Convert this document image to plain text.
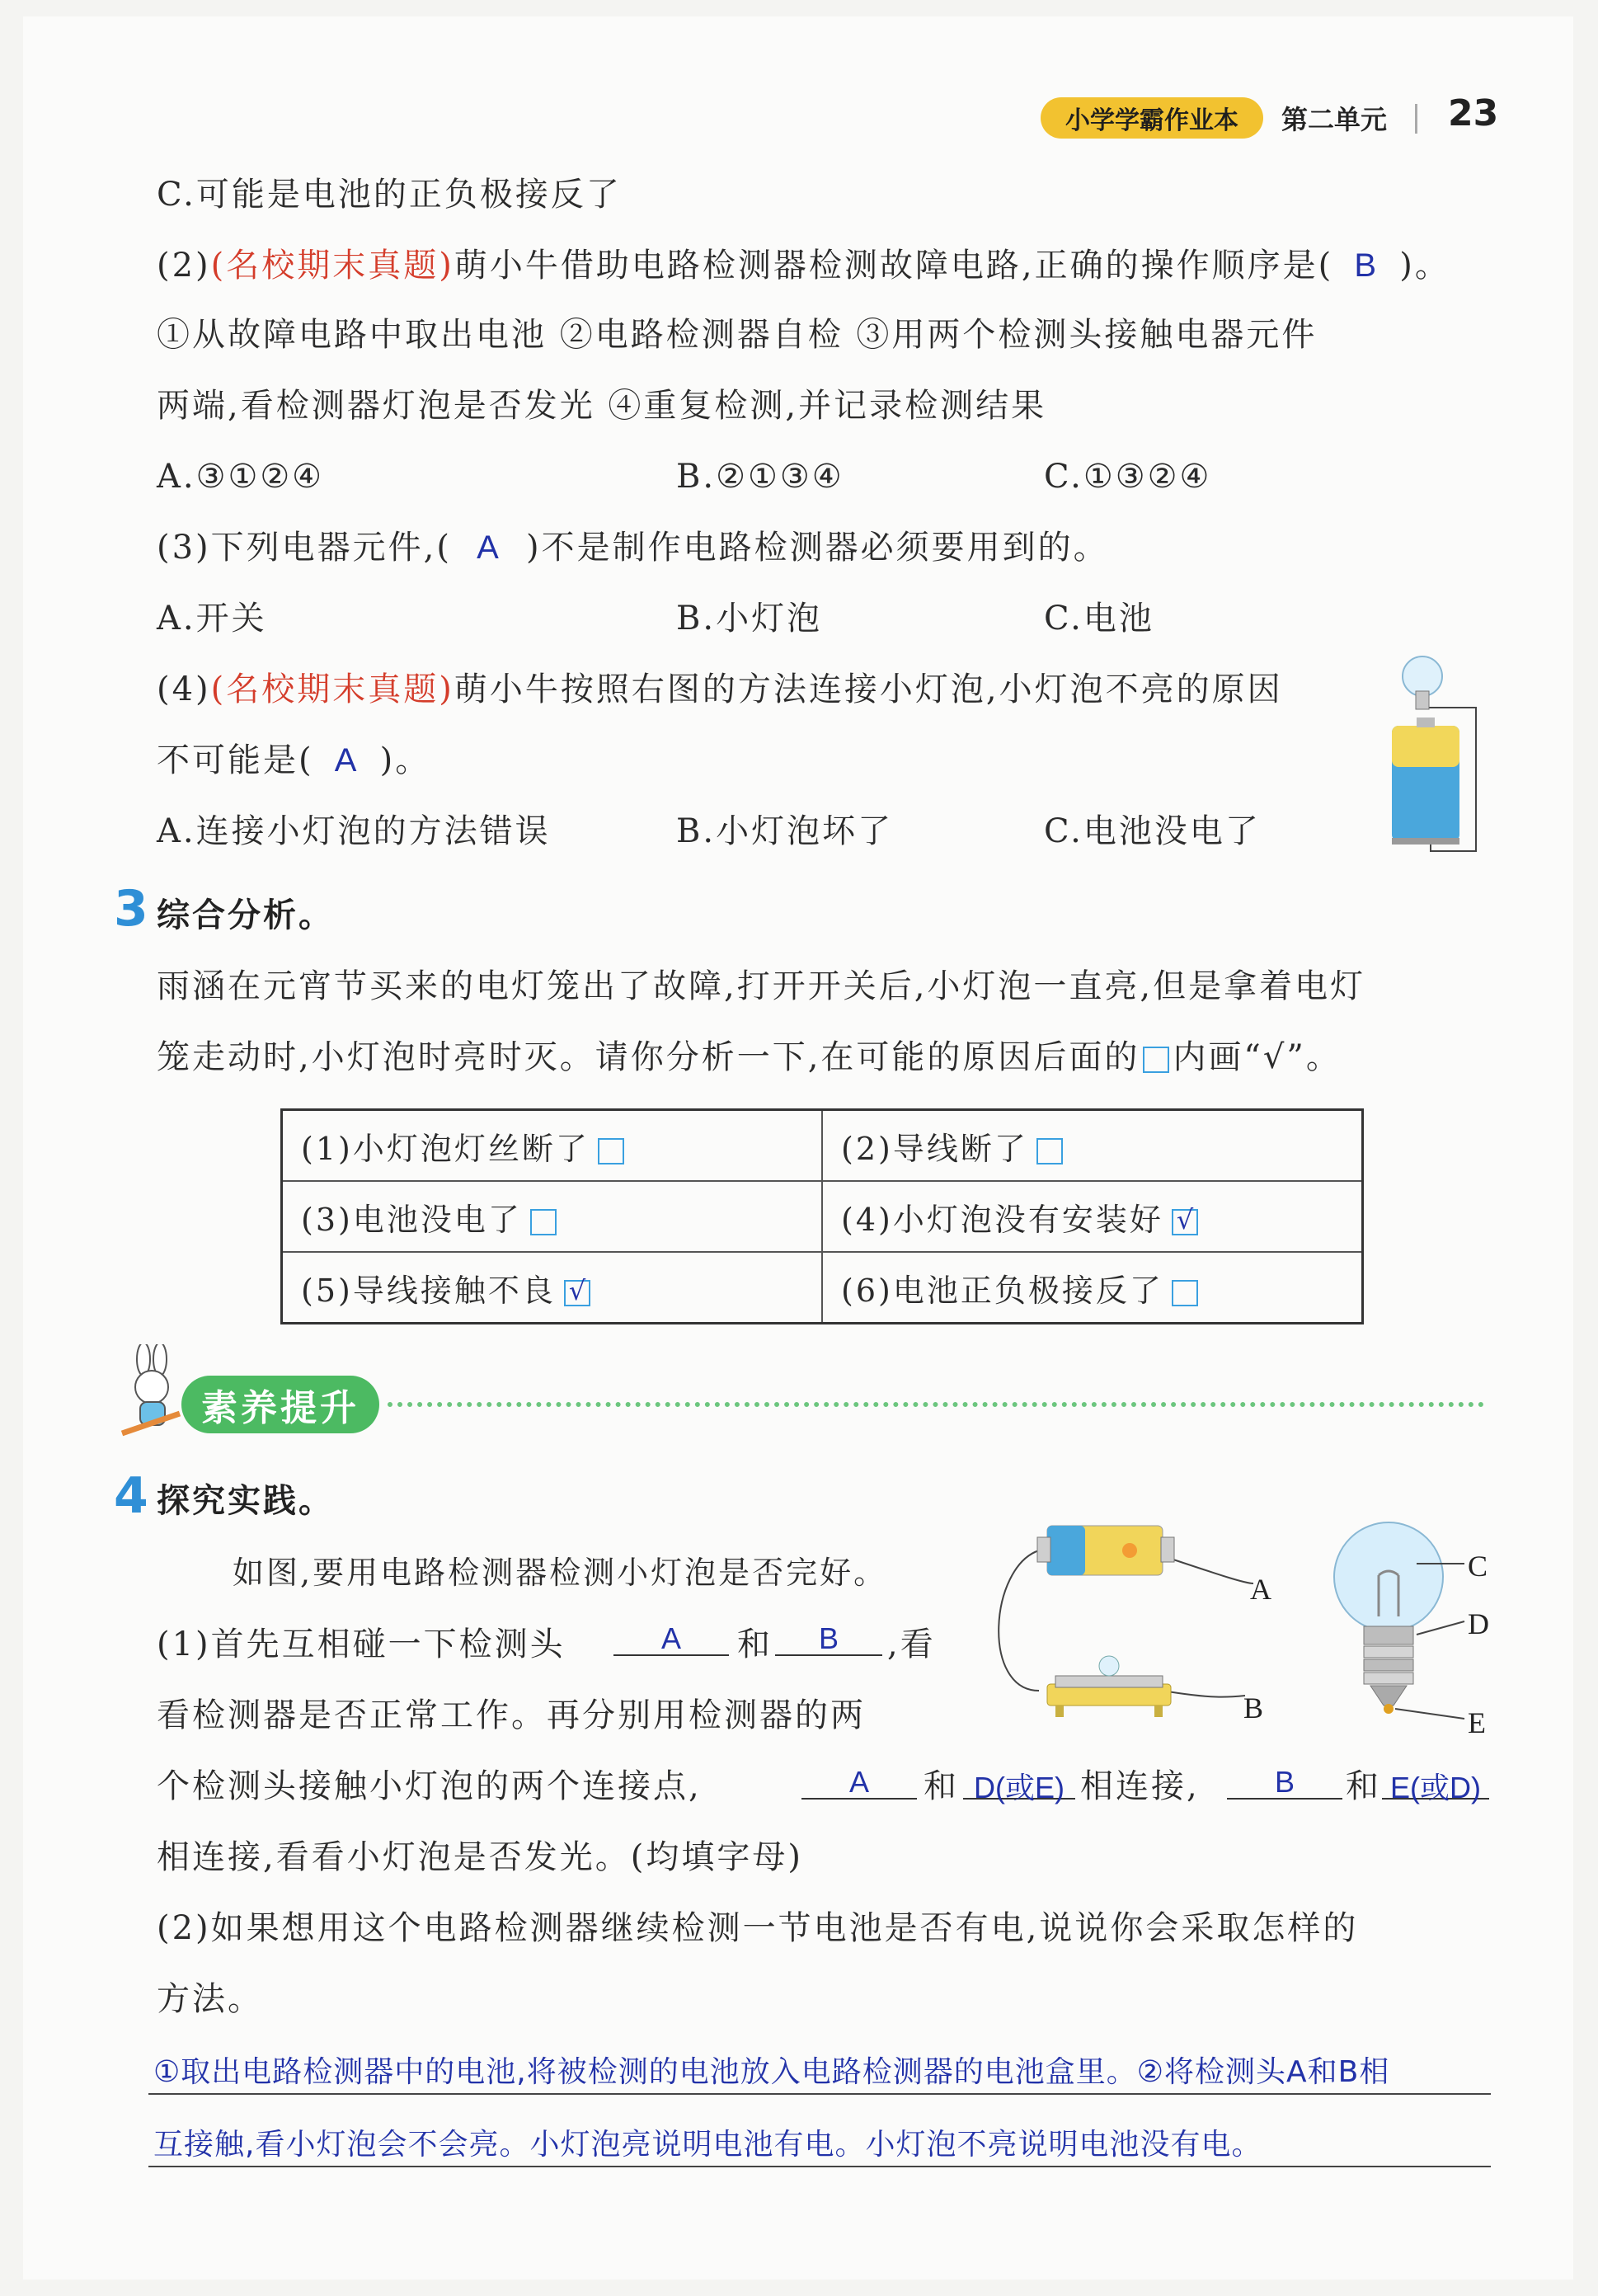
小学学霸作业本	第二单元 23
C.可能是电池的正负极接反了
(2)(名校期末真题)萌小牛借助电路检测器检测故障电路,正确的操作顺序是( B )。
①从故障电路中取出电池 ②电路检测器自检 ③用两个检测头接触电器元件
两端,看检测器灯泡是否发光 ④重复检测,并记录检测结果
A.③①②④	B.②①③④	C.①③②④
(3)下列电器元件,( A )不是制作电路检测器必须要用到的。
A.开关	B.小灯泡	C.电池
(4)(名校期末真题)萌小牛按照右图的方法连接小灯泡,小灯泡不亮的原因
不可能是( A )。
A.连接小灯泡的方法错误	B.小灯泡坏了	C.电池没电了
3 综合分析。
雨涵在元宵节买来的电灯笼出了故障,打开开关后,小灯泡一直亮,但是拿着电灯
笼走动时,小灯泡时亮时灭。请你分析一下,在可能的原因后面的 内画“√”。
(1)小灯泡灯丝断了	(2)导线断了

(3)电池没电了	(4)小灯泡没有安装好 √

(5)导线接触不良 √	(6)电池正负极接反了
素养提升
4 探究实践。
如图,要用电路检测器检测小灯泡是否完好。
(1)首先互相碰一下检测头	A	和	B	,看
看检测器是否正常工作。再分别用检测器的两
个检测头接触小灯泡的两个连接点,	A	和 D(或E) 相连接,	B	和 E(或D)
相连接,看看小灯泡是否发光。(均填字母)
(2)如果想用这个电路检测器继续检测一节电池是否有电,说说你会采取怎样的
方法。
①取出电路检测器中的电池,将被检测的电池放入电路检测器的电池盒里。②将检测头A和B相
互接触,看小灯泡会不会亮。小灯泡亮说明电池有电。小灯泡不亮说明电池没有电。
A
B
C
D
E
